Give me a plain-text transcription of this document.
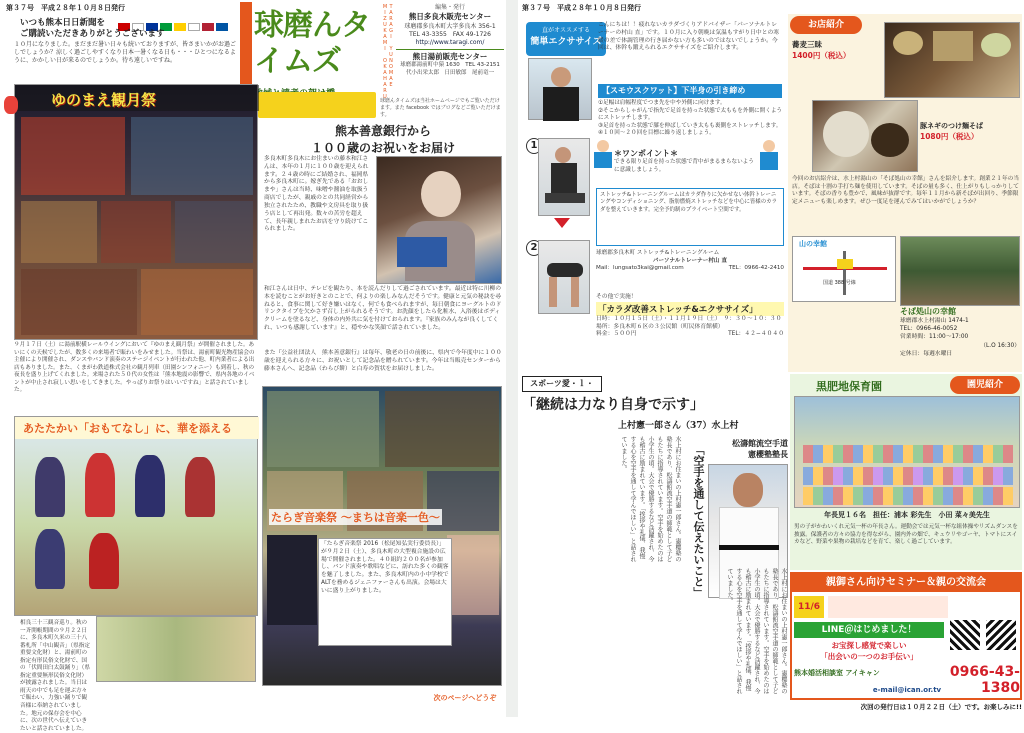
第３７号　平成２８年１０月８日発行
いつも熊本日日新聞を
ご購読いただきありがとうございます
１０月になりました。まだまだ暑い日々も続いておりますが、皆さまいかがお過ごしでしょうか？涼しく過ごしやすくなり日本一暑くなる日も・・・ひとつになるように、かかしい日が来るのでしょうか。待ち遠しいですね。
球磨んタイムズ	TARAGI YUNOMAE MIZUKAMI OKAHARU	編集・発行
熊日多良木販売センター
球磨郡多良木町大字多良木 356-1
TEL 43-3355　FAX 49-1726
http://www.taragi.com/
熊日湯前販売センター
球磨郡湯前町中猿 1630　TEL 43-2151
代小出栄太郎　日田敏郎　尾前竜一
球磨んタイムズは当社ホームページでもご覧いただけます。また facebook ではブログなどご覧いただけます。
ゆのまえ観月祭
９月１７日（土）に湯前駅横レールウイングにおいて『ゆのまえ観月祭』が開催されました。あいにくの天候でしたが、数多くの来場者で賑わいをみせました。当祭は、湯前町観光物産協会の主催により開催され、ダンスやバンド演奏のステージイベントが行われた他、町内業者による出店もありました。また、くまがわ鉄道株式会社の観月列車（田園シンフォニー）も到着し、秋の夜長を盛り上げてくれました。来場された５０代の女性は「熊本地震の影響で、県内各地のイベントが中止され寂しい思いをしてきました。やっぱりお祭りはいいですね」と話されていました。
あたたかい「おもてなし」に、華を添える
相良三十三観音巡り。秋の一斉開帳期間の９月２２日に、多良木町久米の三十八番札所「中山観音」（県指定重要文化財）と、湯前町の指定有形民俗文化財で、国の「伏間田臼太鼓踊り」（県指定重要無形民俗文化財）が披露されました。当日は雨天の中でも足を運ぶ方々で賑わい、力強い踊りで観音様に奉納されていました。地元の保存会を中心に、次の世代へ伝えていきたいと話されていました。
熊本善意銀行から
１００歳のお祝いをお届け
多良木町多良木にお住まいの藤本和江さんは、本年の１月に１００歳を迎えられます。２４歳の時にご結婚され、福岡県から多良木町に。嫁ぎ先である「おおしまや」さんは当時、味噌や醤油を取扱う商店でしたが、親戚のとの共同経営から独立されたため、教職や文房具を取り扱う店として再出発。数々の苦労を超えて、長年親しまれたお店を守り続けてこられました。
和江さんは日中、テレビを観たり、本を読んだりして過ごされています。最近は特に川柳の本を読むことがお好きとのことで、何よりの楽しみなんだそうです。健康と元気の秘訣を尋ねると、食事に関して好き嫌いはなく、何でも食べられますが、毎日朝食にヨーグルトのドリンクタイプを欠かさず召し上がられるそうです。お洗顔をしたら化粧水、入浴後はボディクリームを塗るなど、身体の内外共に気を付けておられます。『家族のみんなが良くしてくれ、いつも感謝しています』と、穏やかな笑顔で話されていました。
また『公益社団法人　熊本善意銀行』は毎年、敬老の日の前後に、県内で今年度中に１００歳を迎えられる方々に、お祝いとして記念品を贈られています。今年は当販売センターから藤本さんへ、記念品（わらび餅）と白寿の賀状をお届けしました。
たらぎ音楽祭 〜まちは音楽一色〜
「たらぎ音楽祭 2016（松尾知弘実行委員長）」が９月２日（土）、多良木町の大型複合施設の広場で開催されました。４０組約２００名が参加し、バンド演奏や歌唱などに、訪れた多くの観客を魅了しました。また、多良木町内の小中学校でALTを務めるジェニファーさんも出演。会場は大いに盛り上がりました。
次のページへどうぞ
第３７号　平成２８年１０月８日発行
直がオススメする
簡単エクササイズ
こんにちは！！疲れないカラダづくりアドバイザー「パーソナルトレーナーの村山 直」です。１０月に入り朝晩は気温もすがり日中との寒暖の差で体調管理の行き届かない方も多いのではないでしょうか。今回は、体幹も鍛えられるエクササイズをご紹介します。
【スモウスクワット】下半身の引き締め
①足幅は肩幅程度でつま先を中や外側に向けます。
②そこからしゃがんで指先で足首を持った状態で太ももを外側に開くようにストレッチします。
③足首を持った状態で膝を伸ばしていき太もも裏側をストレッチします。
④１０回〜２０回を目標に繰り返しましょう。
1
2
＊ワンポイント＊
できる限り足首を持った状態で背中がまるまらないように意識しましょう。
ストレッチ&トレーニングルームはカラダ作りに欠かせない体幹トレーニングやコンディショニング、脂肪燃焼ストレッチなどを中心に皆様のカラダを整えていきます。完全予約制のプライベート空間です。
球磨郡多良木町 ストレッチ&トレーニングルーム
パーソナルトレーナー村山 直
Mail：lungsato3kai@gmail.com	TEL：0966-42-2410
その他で実施！
「カラダ改善ストレッチ&エクササイズ」
日時：１０月１５日（土）・１１月１９日（土）　９：３０〜１０：３０
場所：多良木町６区の３公民館（町民体育館横）
料金：５００円	TEL：４２−４０４０
お店紹介
蕎麦三昧
1400円（税込）
豚ネギのつけ麺そば
1080円（税込）
今回のお店紹介は、水上村湯山の「そば処山の幸館」さんを紹介します。創業２１年の当店。そばは十割の手打ち麺を使用しています。そばの量も多く、仕上がりもしっかりしています。そばの香りも豊かで、風味が抜群です。毎年１１月から新そばが出回り、季節限定メニューも楽しめます。ぜひ一度足を運んでみてはいかがでしょうか？
山の幸館
国道 388 号線
そば処山の幸館
球磨郡水上村湯山 1474-1
TEL：0966-46-0052
営業時間：11:00〜17:00
（L.O 16:30）
定休日：毎週水曜日
スポーツ愛・ｌ・
「継続は力なり自身で示す」
上村憲一郎さん（37）水上村
松濤館流空手道
憲櫻塾塾長
水上村にお住まいの上村憲一郎さん。憲櫻塾の塾長であり、松濤館流空手道の師範として子どもたちに指導されています。空手を始めたのは小学生の頃。大会で優勝するなど活躍され、今も稽古に励まれています。「挨拶や礼儀、我慢する心を空手を通して学んでほしい」と話されていました。	「空手を通して伝えたいこと」
水上村にお住まいの上村憲一郎さん。憲櫻塾の塾長であり、松濤館流空手道の師範として子どもたちに指導されています。空手を始めたのは小学生の頃。大会で優勝するなど活躍され、今も稽古に励まれています。「挨拶や礼儀、我慢する心を空手を通して学んでほしい」と話されていました。
黒肥地保育園	園児紹介
年長児１６名　担任：浦本 彩先生　小田 菜々美先生
男の子がかわいくれ元気一杯の年長さん。運動会では元気一杯な組体操やリズムダンスを披露。保護者の方々の協力を得ながら、園内外の畑で、キュウリやゴーヤ、トマトにスイカなど、野菜や果物の栽培などを育て、楽しく過ごしています。
親御さん向けセミナー＆親の交流会
11/6
LINE＠はじめました！
お宝探し感覚で楽しい
「出会いの一つのお手伝い」
熊本婚活相談室 アイキャン	0966-43-1380
e-mail@ican.or.tv
次回の発行日は１０月２２日（土）です。お楽しみに!!
